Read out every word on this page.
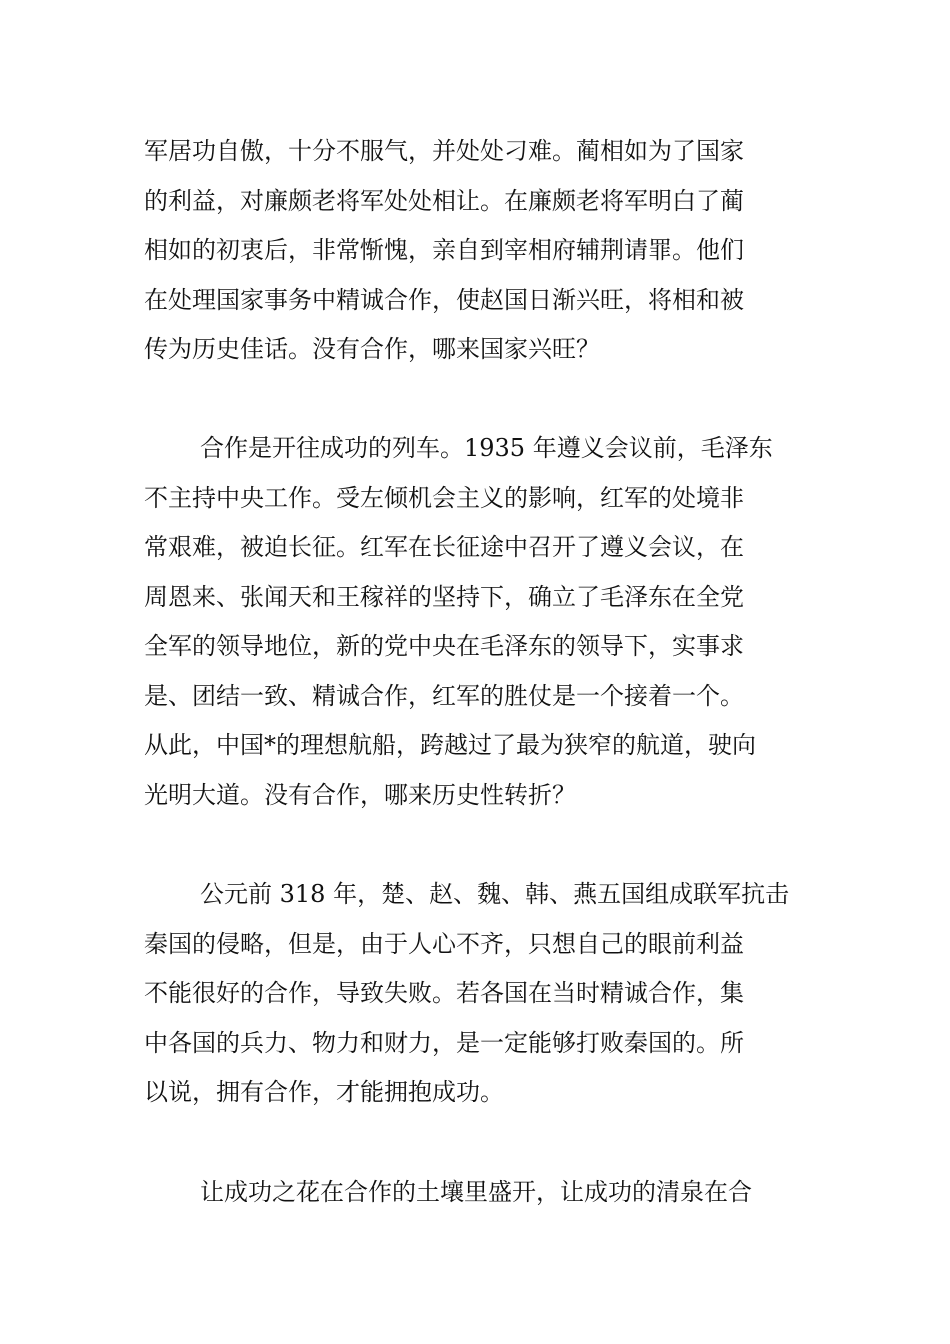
军居功自傲，十分不服气，并处处刁难。蔺相如为了国家
的利益，对廉颇老将军处处相让。在廉颇老将军明白了蔺
相如的初衷后，非常惭愧，亲自到宰相府辅荆请罪。他们
在处理国家事务中精诚合作，使赵国日渐兴旺，将相和被
传为历史佳话。没有合作，哪来国家兴旺？

合作是开往成功的列车。1935 年遵义会议前，毛泽东
不主持中央工作。受左倾机会主义的影响，红军的处境非
常艰难，被迫长征。红军在长征途中召开了遵义会议，在
周恩来、张闻天和王稼祥的坚持下，确立了毛泽东在全党
全军的领导地位，新的党中央在毛泽东的领导下，实事求
是、团结一致、精诚合作，红军的胜仗是一个接着一个。
从此，中国*的理想航船，跨越过了最为狭窄的航道，驶向
光明大道。没有合作，哪来历史性转折？

公元前 318 年，楚、赵、魏、韩、燕五国组成联军抗击
秦国的侵略，但是，由于人心不齐，只想自己的眼前利益
不能很好的合作，导致失败。若各国在当时精诚合作，集
中各国的兵力、物力和财力，是一定能够打败秦国的。所
以说，拥有合作，才能拥抱成功。

让成功之花在合作的土壤里盛开，让成功的清泉在合
